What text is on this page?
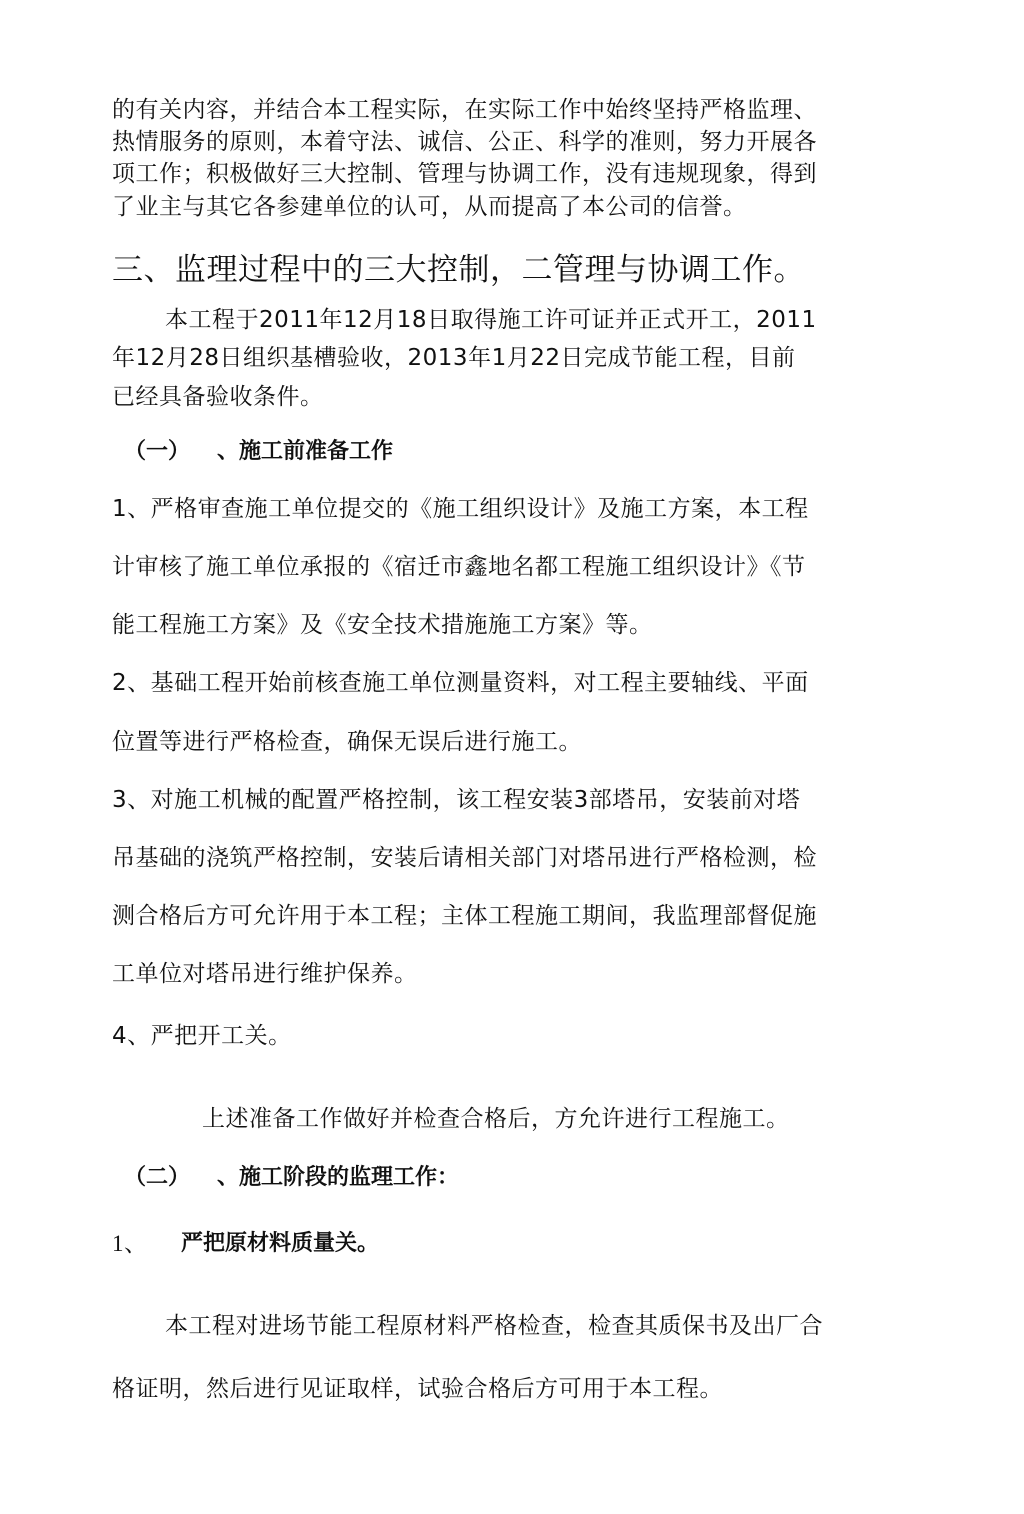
的有关内容，并结合本工程实际，在实际工作中始终坚持严格监理、
热情服务的原则，本着守法、诚信、公正、科学的准则，努力开展各
项工作；积极做好三大控制、管理与协调工作，没有违规现象，得到
了业主与其它各参建单位的认可，从而提高了本公司的信誉。
三、监理过程中的三大控制，二管理与协调工作。
本工程于2011年12月18日取得施工许可证并正式开工，2011
年12月28日组织基槽验收，2013年1月22日完成节能工程，目前
已经具备验收条件。
（一） 、施工前准备工作
1、严格审查施工单位提交的《施工组织设计》及施工方案，本工程
计审核了施工单位承报的《宿迁市鑫地名都工程施工组织设计》《节
能工程施工方案》及《安全技术措施施工方案》等。
2、基础工程开始前核查施工单位测量资料，对工程主要轴线、平面
位置等进行严格检查，确保无误后进行施工。
3、对施工机械的配置严格控制，该工程安装3部塔吊，安装前对塔
吊基础的浇筑严格控制，安装后请相关部门对塔吊进行严格检测，检
测合格后方可允许用于本工程；主体工程施工期间，我监理部督促施
工单位对塔吊进行维护保养。
4、严把开工关。
上述准备工作做好并检查合格后，方允许进行工程施工。
（二） 、施工阶段的监理工作：
1、 严把原材料质量关。
本工程对进场节能工程原材料严格检查，检查其质保书及出厂合
格证明，然后进行见证取样，试验合格后方可用于本工程。
